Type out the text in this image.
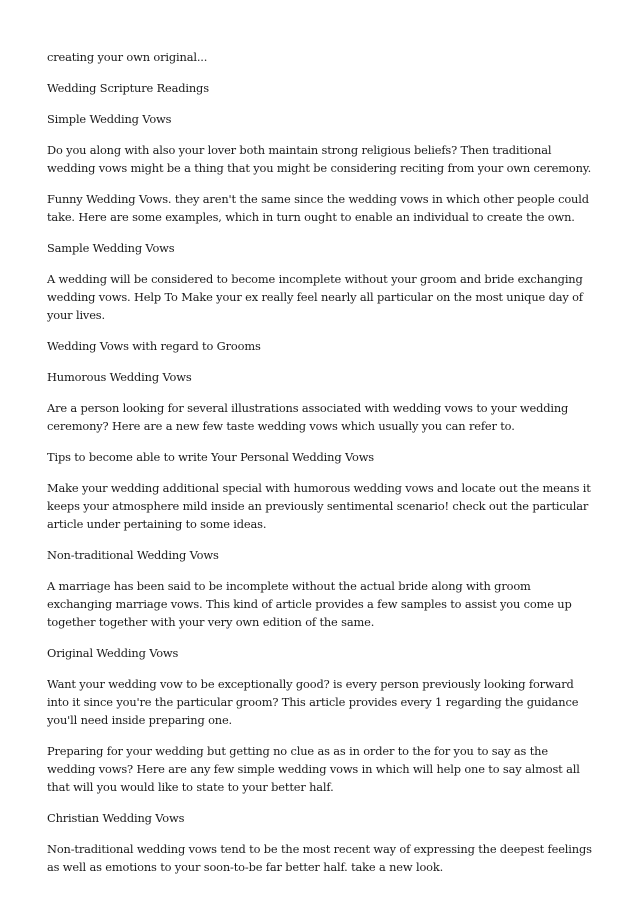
creating your own original...

Wedding Scripture Readings

Simple Wedding Vows

Do you along with also your lover both maintain strong religious beliefs? Then traditional wedding vows might be a thing that you might be considering reciting from your own ceremony.

Funny Wedding Vows. they aren't the same since the wedding vows in which other people could take. Here are some examples, which in turn ought to enable an individual to create the own.

Sample Wedding Vows

A wedding will be considered to become incomplete without your groom and bride exchanging wedding vows. Help To Make your ex really feel nearly all particular on the most unique day of your lives.

Wedding Vows with regard to Grooms

Humorous Wedding Vows

Are a person looking for several illustrations associated with wedding vows to your wedding ceremony? Here are a new few taste wedding vows which usually you can refer to.

Tips to become able to write Your Personal Wedding Vows

Make your wedding additional special with humorous wedding vows and locate out the means it keeps your atmosphere mild inside an previously sentimental scenario! check out the particular article under pertaining to some ideas.

Non-traditional Wedding Vows

A marriage has been said to be incomplete without the actual bride along with groom exchanging marriage vows. This kind of article provides a few samples to assist you come up together together with your very own edition of the same.

Original Wedding Vows

Want your wedding vow to be exceptionally good? is every person previously looking forward into it since you're the particular groom? This article provides every 1 regarding the guidance you'll need inside preparing one.

Preparing for your wedding but getting no clue as as in order to the for you to say as the wedding vows? Here are any few simple wedding vows in which will help one to say almost all that will you would like to state to your better half.

Christian Wedding Vows

Non-traditional wedding vows tend to be the most recent way of expressing the deepest feelings as well as emotions to your soon-to-be far better half. take a new look.
